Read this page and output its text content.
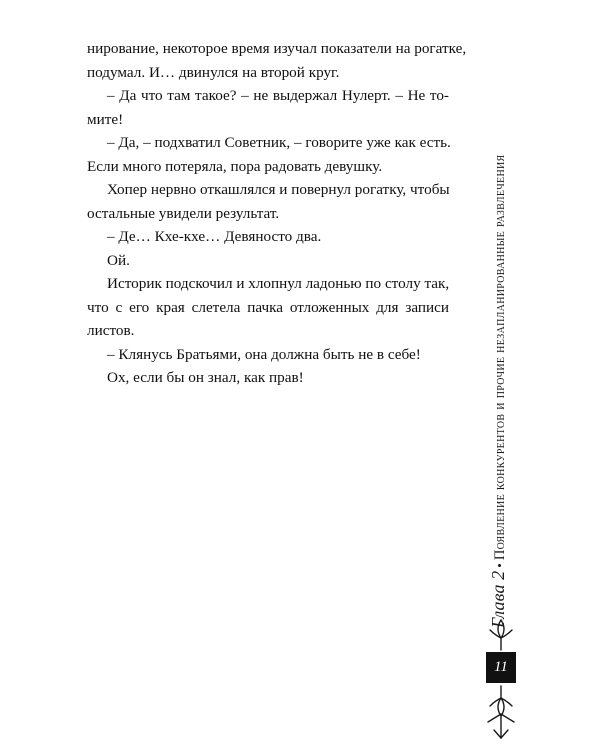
нирование, некоторое время изучал показатели на рогатке,
подумал. И… двинулся на второй круг.
– Да что там такое? – не выдержал Нулерт. – Не то-
мите!
– Да, – подхватил Советник, – говорите уже как есть.
Если много потеряла, пора радовать девушку.
Хопер нервно откашлялся и повернул рогатку, чтобы
остальные увидели результат.
– Де… Кхе-кхе… Девяносто два.
Ой.
Историк подскочил и хлопнул ладонью по столу так,
что с его края слетела пачка отложенных для записи
листов.
– Клянусь Братьями, она должна быть не в себе!
Ох, если бы он знал, как прав!
Глава 2•Появление конкурентов и прочие незапланированные развлечения
11
